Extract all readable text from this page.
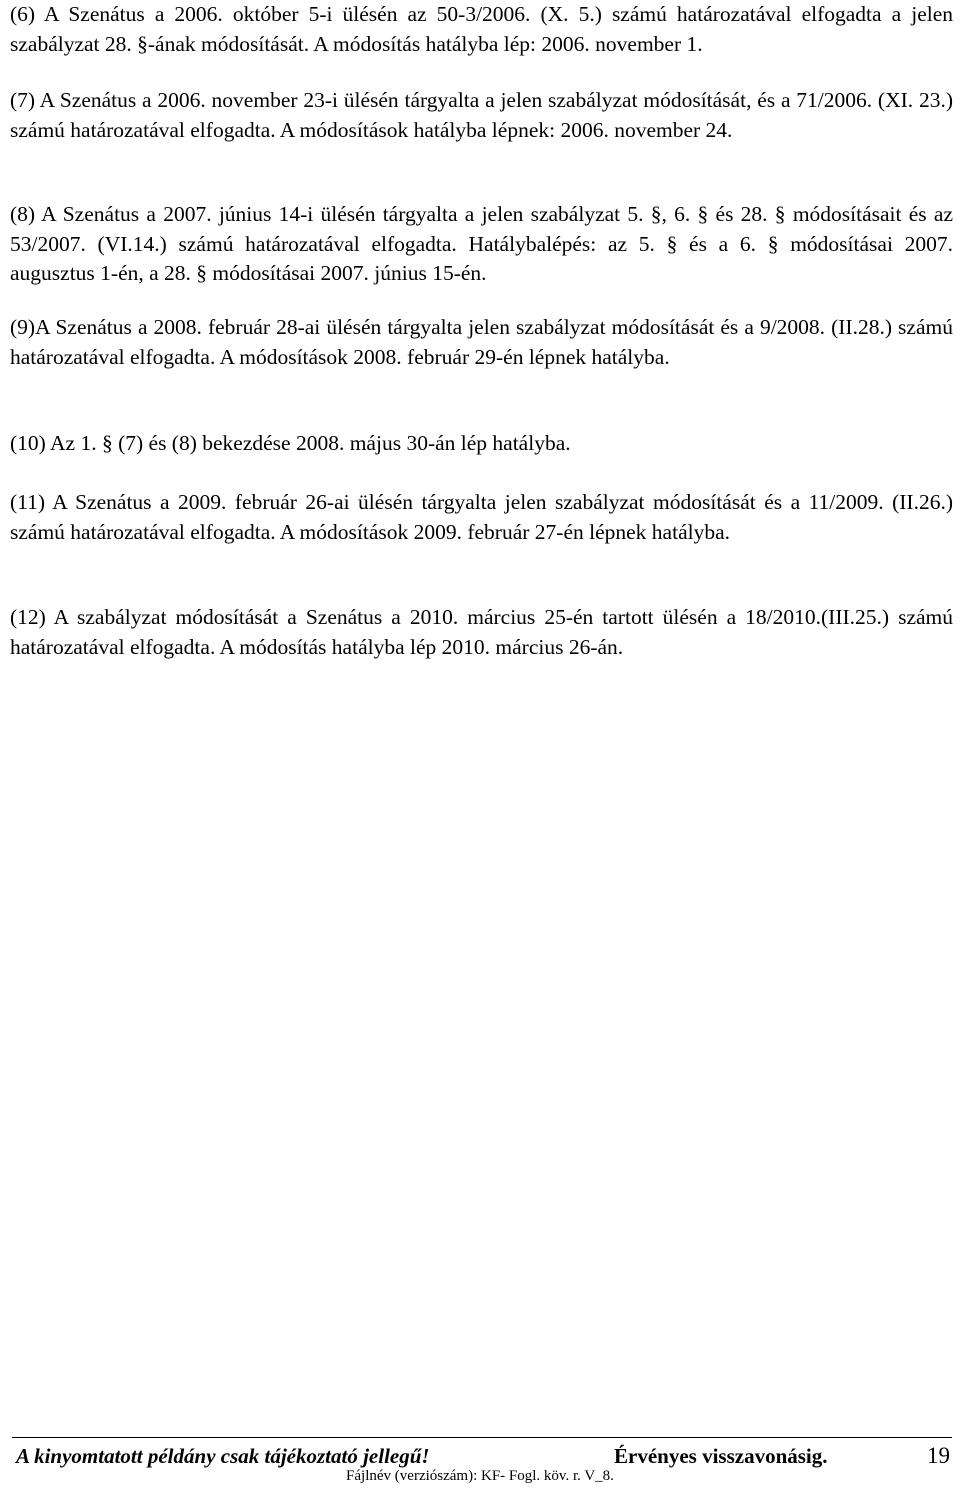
(6) A Szenátus a 2006. október 5-i ülésén az 50-3/2006. (X. 5.) számú határozatával elfogadta a jelen szabályzat 28. §-ának módosítását. A módosítás hatályba lép: 2006. november 1.

(7) A Szenátus a 2006. november 23-i ülésén tárgyalta a jelen szabályzat módosítását, és a 71/2006. (XI. 23.) számú határozatával elfogadta. A módosítások hatályba lépnek: 2006. november 24.

(8) A Szenátus a 2007. június 14-i ülésén tárgyalta a jelen szabályzat 5. §, 6. § és 28. § módosításait és az 53/2007. (VI.14.) számú határozatával elfogadta. Hatálybalépés: az 5. § és a 6. § módosításai 2007. augusztus 1-én, a 28. § módosításai 2007. június 15-én.

(9)A Szenátus a 2008. február 28-ai ülésén tárgyalta jelen szabályzat módosítását és a 9/2008. (II.28.) számú határozatával elfogadta. A módosítások 2008. február 29-én lépnek hatályba.

(10) Az 1. § (7) és (8) bekezdése 2008. május 30-án lép hatályba.

(11) A Szenátus a 2009. február 26-ai ülésén tárgyalta jelen szabályzat módosítását és a 11/2009. (II.26.) számú határozatával elfogadta. A módosítások 2009. február 27-én lépnek hatályba.

(12) A szabályzat módosítását a Szenátus a 2010. március 25-én tartott ülésén a 18/2010.(III.25.) számú határozatával elfogadta. A módosítás hatályba lép 2010. március 26-án.

A kinyomtatott példány csak tájékoztató jellegű!	Érvényes visszavonásig.	19
Fájlnév (verziószám): KF- Fogl. köv. r. V_8.
